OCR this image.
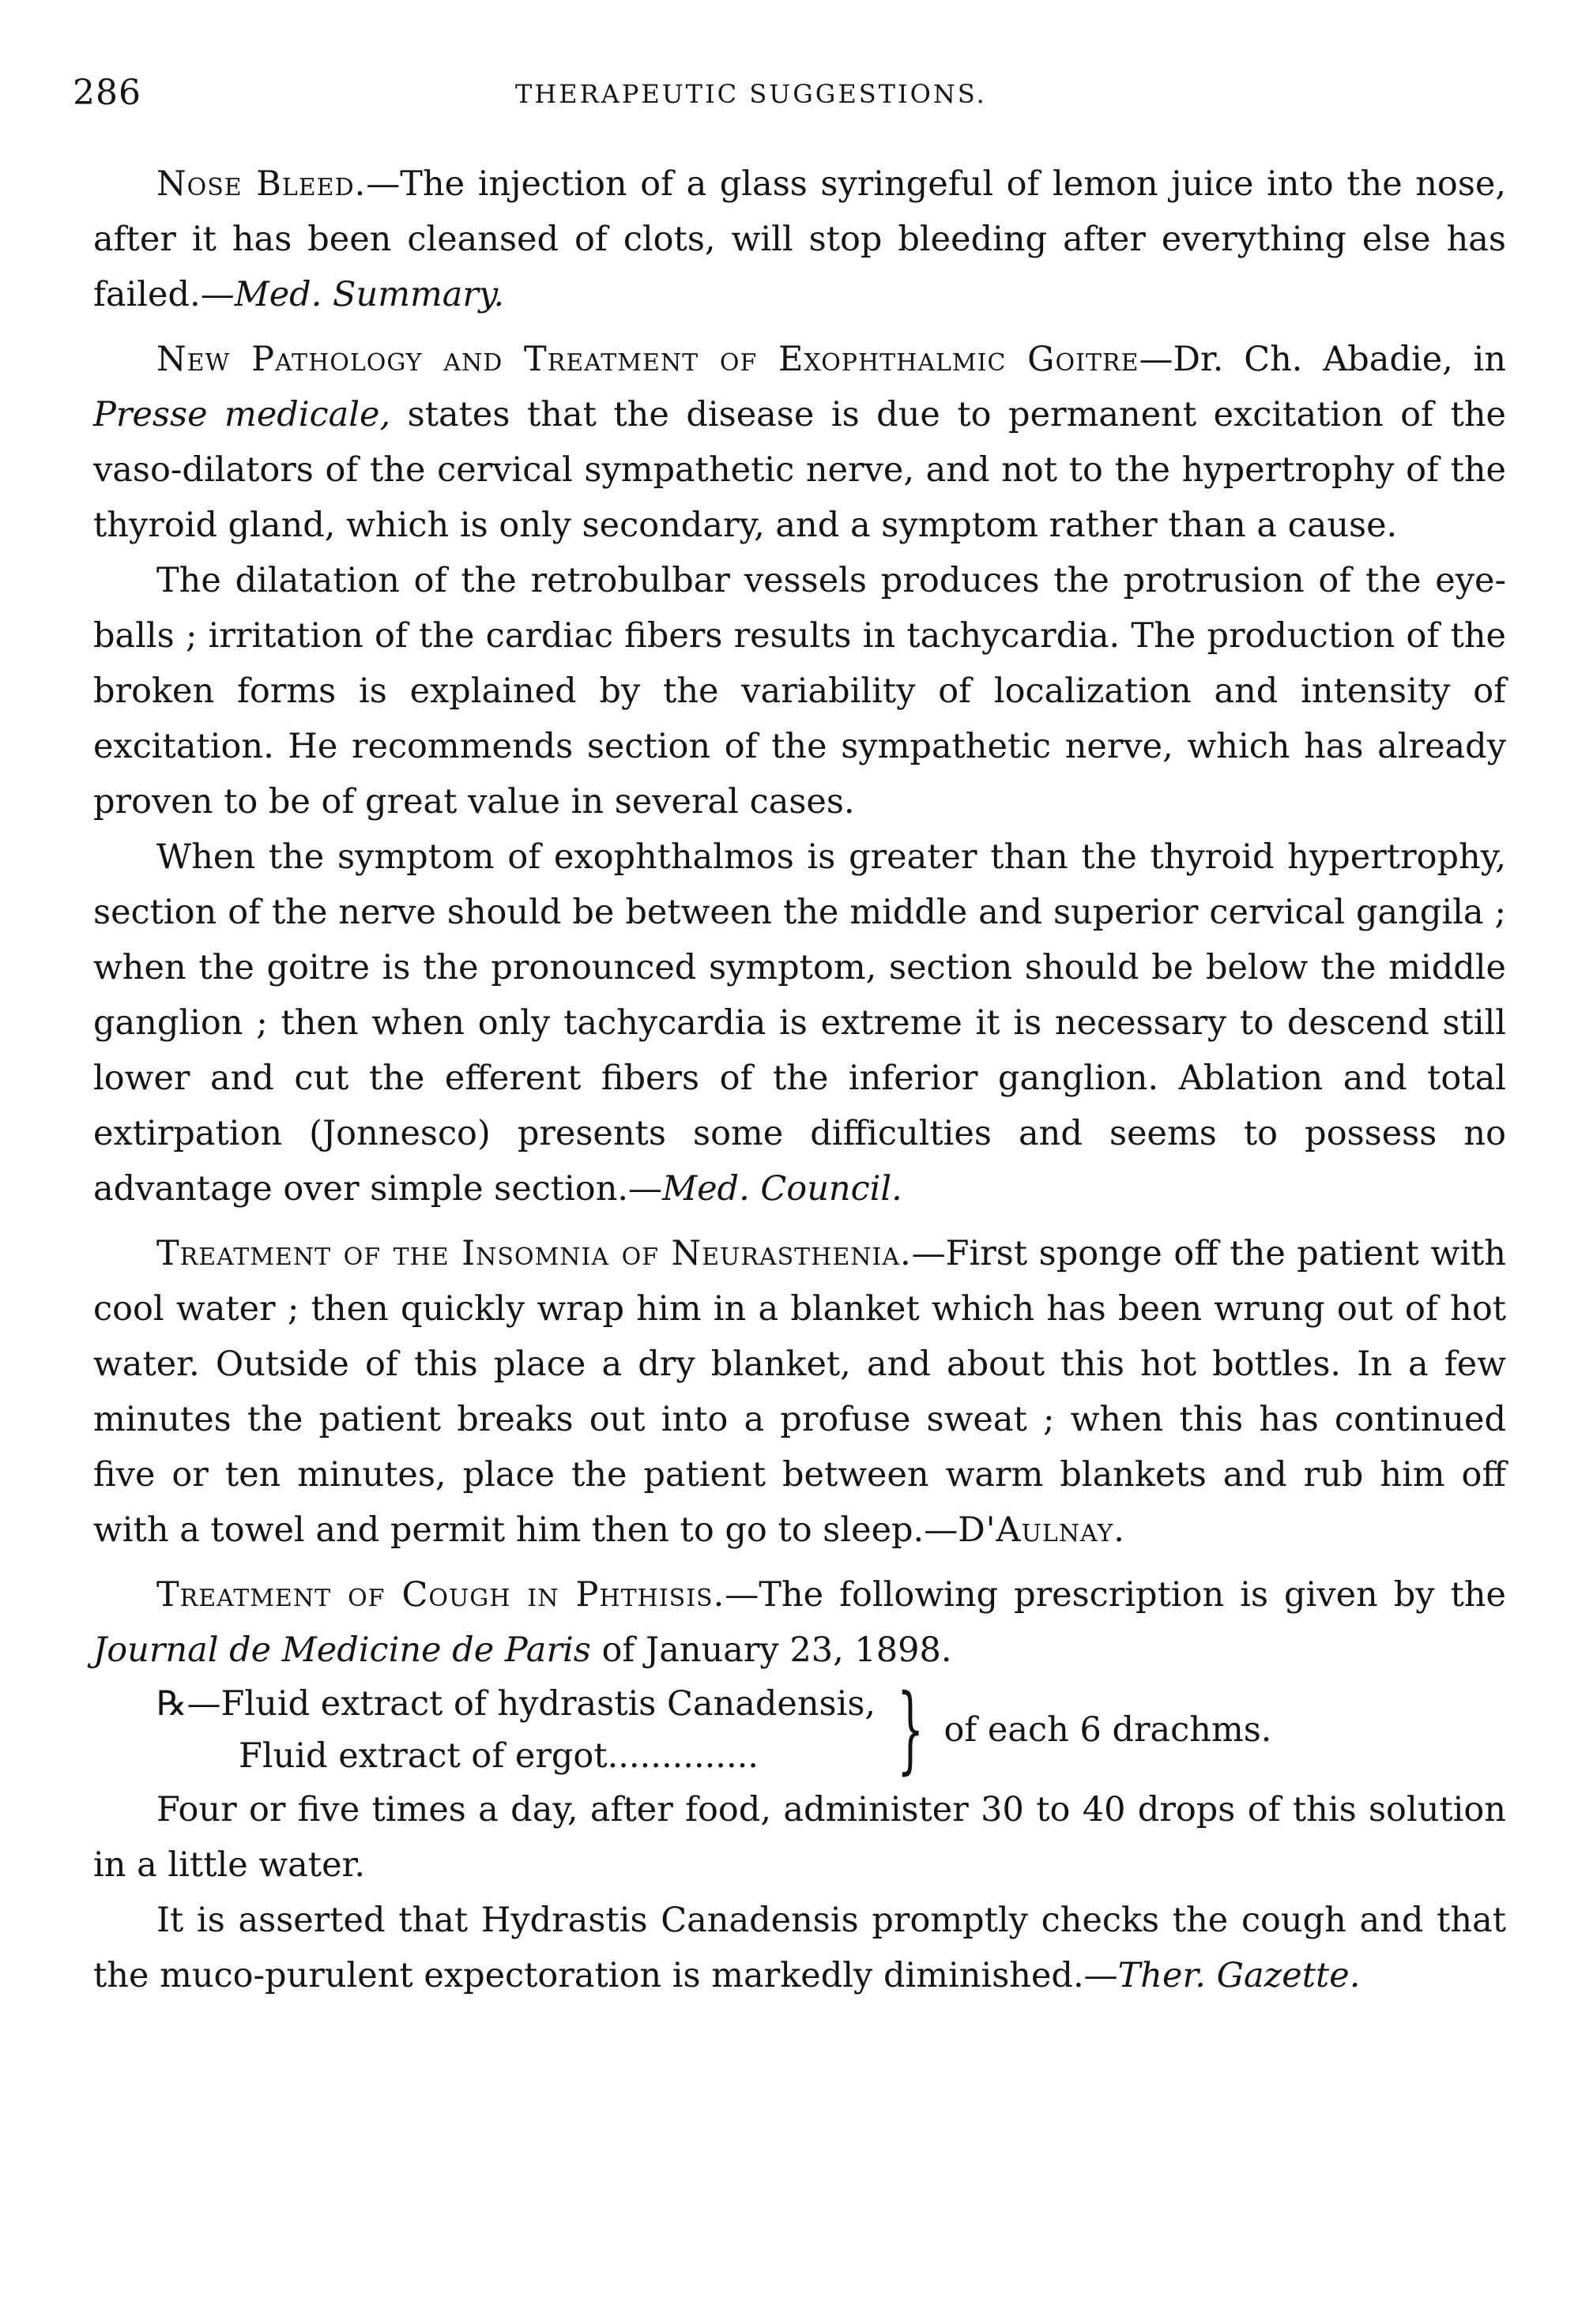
286	THERAPEUTIC SUGGESTIONS.

Nose Bleed.—The injection of a glass syringeful of lemon juice into the nose, after it has been cleansed of clots, will stop bleeding after everything else has failed.—Med. Summary.

New Pathology and Treatment of Exophthalmic Goitre—Dr. Ch. Abadie, in Presse medicale, states that the disease is due to permanent excitation of the vaso-dilators of the cervical sympathetic nerve, and not to the hypertrophy of the thyroid gland, which is only secondary, and a symptom rather than a cause.

The dilatation of the retrobulbar vessels produces the protrusion of the eye-balls ; irritation of the cardiac fibers results in tachycardia. The production of the broken forms is explained by the variability of localization and intensity of excitation. He recommends section of the sympathetic nerve, which has already proven to be of great value in several cases.

When the symptom of exophthalmos is greater than the thyroid hypertrophy, section of the nerve should be between the middle and superior cervical gangila ; when the goitre is the pronounced symptom, section should be below the middle ganglion ; then when only tachycardia is extreme it is necessary to descend still lower and cut the efferent fibers of the inferior ganglion. Ablation and total extirpation (Jonnesco) presents some difficulties and seems to possess no advantage over simple section.—Med. Council.

Treatment of the Insomnia of Neurasthenia.—First sponge off the patient with cool water ; then quickly wrap him in a blanket which has been wrung out of hot water. Outside of this place a dry blanket, and about this hot bottles. In a few minutes the patient breaks out into a profuse sweat ; when this has continued five or ten minutes, place the patient between warm blankets and rub him off with a towel and permit him then to go to sleep.—D'Aulnay.

Treatment of Cough in Phthisis.—The following prescription is given by the Journal de Medicine de Paris of January 23, 1898.

℞—Fluid extract of hydrastis Canadensis,
Fluid extract of ergot..............	} of each 6 drachms.

Four or five times a day, after food, administer 30 to 40 drops of this solution in a little water.

It is asserted that Hydrastis Canadensis promptly checks the cough and that the muco-purulent expectoration is markedly diminished.—Ther. Gazette.
